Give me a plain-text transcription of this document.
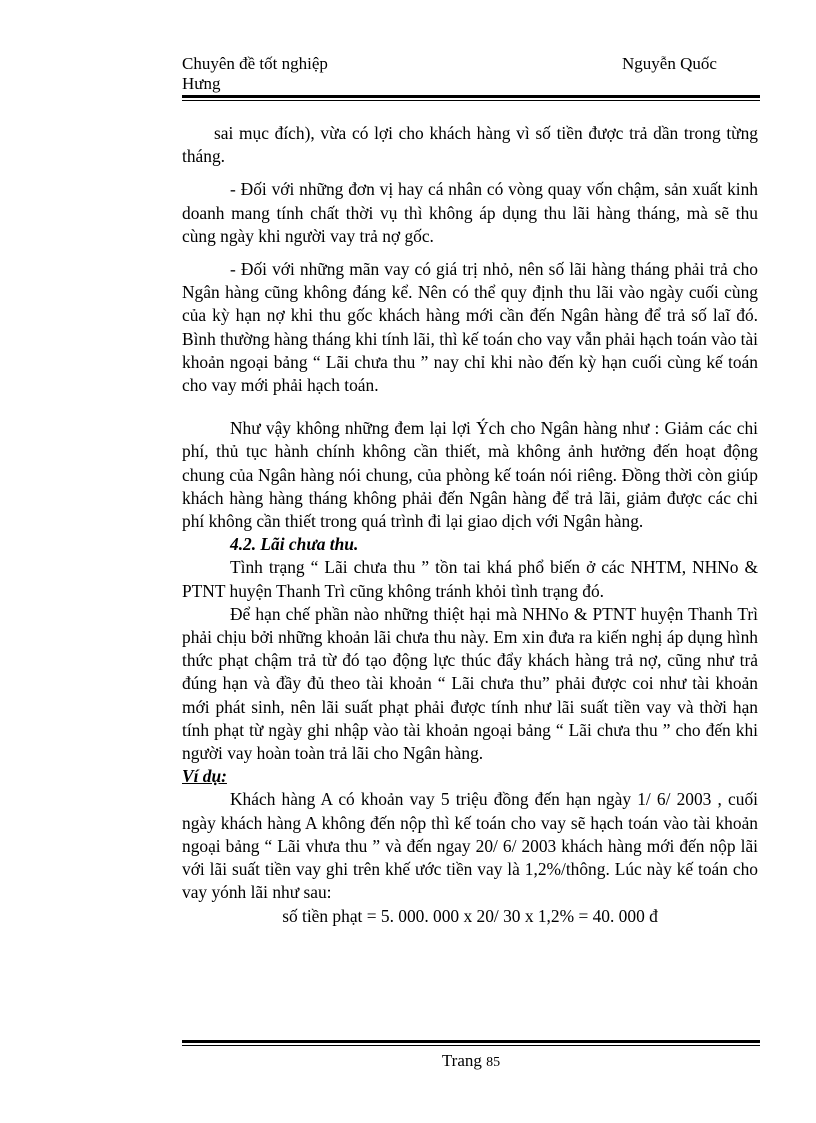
Chuyên đề tốt nghiệp	Nguyễn Quốc
Hưng

sai mục đích), vừa có lợi cho khách hàng vì số tiền được trả dần trong từng tháng.

- Đối với những đơn vị hay cá nhân có vòng quay vốn chậm, sản xuất kinh doanh mang tính chất thời vụ thì không áp dụng thu lãi hàng tháng, mà sẽ thu cùng ngày khi người vay trả nợ gốc.

- Đối với những mãn vay có giá trị nhỏ, nên số lãi hàng tháng phải trả cho Ngân hàng cũng không đáng kể. Nên có thể quy định thu lãi vào ngày cuối cùng của kỳ hạn nợ khi thu gốc khách hàng mới cần đến Ngân hàng để trả số laĩ đó. Bình thường hàng tháng khi tính lãi, thì kế toán cho vay vẫn phải hạch toán vào tài khoản ngoại bảng “ Lãi chưa thu ” nay chỉ khi nào đến kỳ hạn cuối cùng kế toán cho vay mới phải hạch toán.

Như vậy không những đem lại lợi Ých cho Ngân hàng như : Giảm các chi phí, thủ tục hành chính không cần thiết, mà không ảnh hưởng đến hoạt động chung của Ngân hàng nói chung, của phòng kế toán nói riêng. Đồng thời còn giúp khách hàng hàng tháng không phải đến Ngân hàng để trả lãi, giảm được các chi phí không cần thiết trong quá trình đi lại giao dịch với Ngân hàng.

4.2. Lãi chưa thu.

Tình trạng “ Lãi chưa thu ” tồn tai khá phổ biến ở các NHTM, NHNo & PTNT huyện Thanh Trì cũng không tránh khỏi tình trạng đó.

Để hạn chế phần nào những thiệt hại mà NHNo & PTNT huyện Thanh Trì phải chịu bởi những khoản lãi chưa thu này. Em xin đưa ra kiến nghị áp dụng hình thức phạt chậm trả từ đó tạo động lực thúc đẩy khách hàng trả nợ, cũng như trả đúng hạn và đầy đủ theo tài khoản “ Lãi chưa thu” phải được coi như tài khoản mới phát sinh, nên lãi suất phạt phải được tính như lãi suất tiền vay và thời hạn tính phạt từ ngày ghi nhập vào tài khoản ngoại bảng “ Lãi chưa thu ” cho đến khi người vay hoàn toàn trả lãi cho Ngân hàng.

Ví dụ:

Khách hàng A có khoản vay 5 triệu đồng đến hạn ngày 1/ 6/ 2003 , cuối ngày khách hàng A không đến nộp thì kế toán cho vay sẽ hạch toán vào tài khoản ngoại bảng “ Lãi vhưa thu ” và đến ngay 20/ 6/ 2003 khách hàng mới đến nộp lãi với lãi suất tiền vay ghi trên khế ước tiền vay là 1,2%/thông. Lúc này kế toán cho vay yónh lãi như sau:

số tiền phạt = 5. 000. 000 x 20/ 30 x 1,2% = 40. 000 đ

Trang 85
